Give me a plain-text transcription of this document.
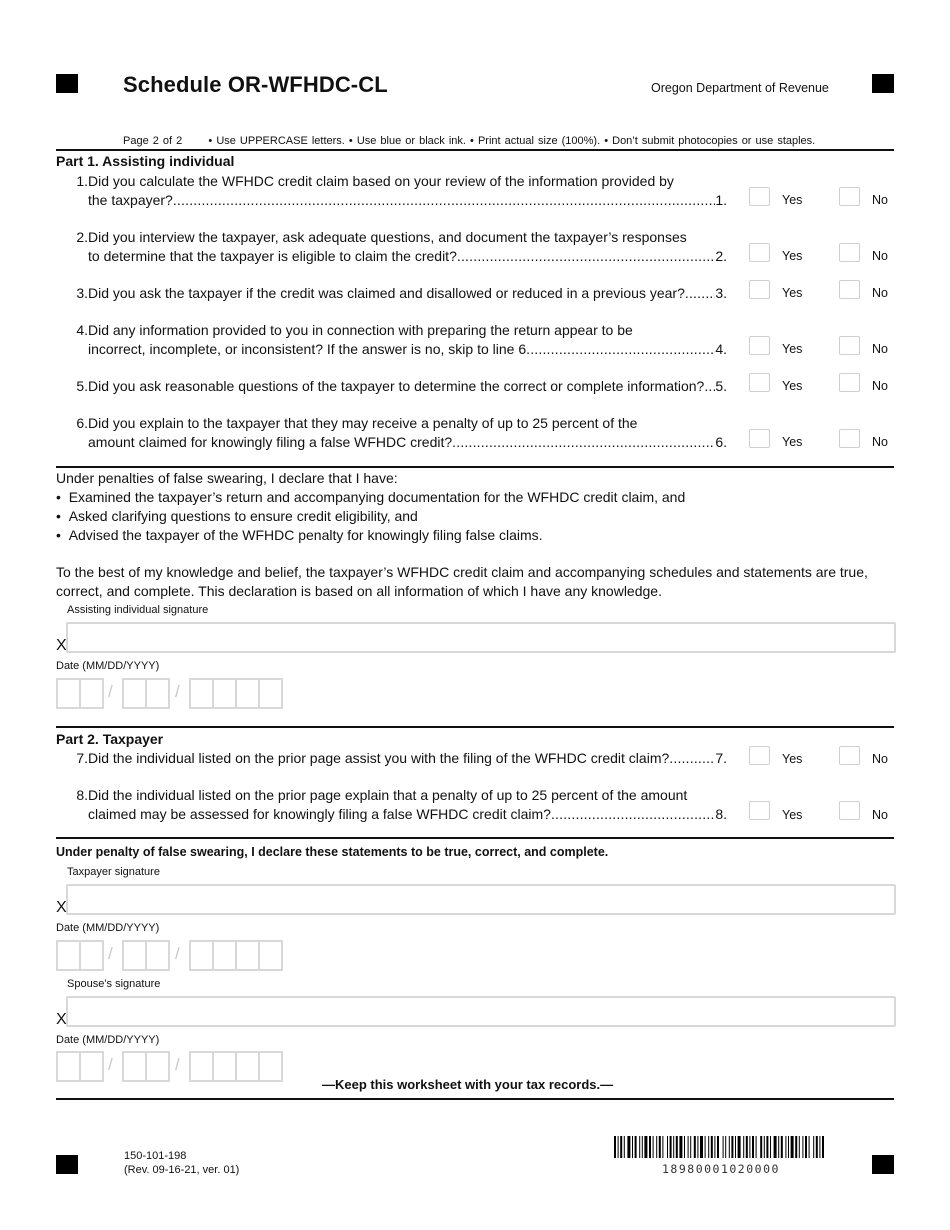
Schedule OR-WFHDC-CL	Oregon Department of Revenue
Page 2 of 2 • Use UPPERCASE letters. • Use blue or black ink. • Print actual size (100%). • Don’t submit photocopies or use staples.
Part 1. Assisting individual
1. Did you calculate the WFHDC credit claim based on your review of the information provided by
the taxpayer? .....	1.	Yes	No
2. Did you interview the taxpayer, ask adequate questions, and document the taxpayer’s responses
to determine that the taxpayer is eligible to claim the credit? .....	2.	Yes	No
3. Did you ask the taxpayer if the credit was claimed and disallowed or reduced in a previous year? ..... 3.	Yes	No
4. Did any information provided to you in connection with preparing the return appear to be
incorrect, incomplete, or inconsistent? If the answer is no, skip to line 6 .....	4.	Yes	No
5. Did you ask reasonable questions of the taxpayer to determine the correct or complete information? ..... 5.	Yes	No
6. Did you explain to the taxpayer that they may receive a penalty of up to 25 percent of the
amount claimed for knowingly filing a false WFHDC credit? .....	6.	Yes	No
Under penalties of false swearing, I declare that I have:
•  Examined the taxpayer’s return and accompanying documentation for the WFHDC credit claim, and
•  Asked clarifying questions to ensure credit eligibility, and
•  Advised the taxpayer of the WFHDC penalty for knowingly filing false claims.
To the best of my knowledge and belief, the taxpayer’s WFHDC credit claim and accompanying schedules and statements are true,
correct, and complete. This declaration is based on all information of which I have any knowledge.
Assisting individual signature
X
Date (MM/DD/YYYY)
/	/
Part 2. Taxpayer
7. Did the individual listed on the prior page assist you with the filing of the WFHDC credit claim? .....	7.	Yes	No
8. Did the individual listed on the prior page explain that a penalty of up to 25 percent of the amount
claimed may be assessed for knowingly filing a false WFHDC credit claim? .....	8.	Yes	No
Under penalty of false swearing, I declare these statements to be true, correct, and complete.
Taxpayer signature
X
Date (MM/DD/YYYY)
/	/
Spouse’s signature
X
Date (MM/DD/YYYY)
/	/
—Keep this worksheet with your tax records.—
150-101-198
(Rev. 09-16-21, ver. 01)	18980001020000
